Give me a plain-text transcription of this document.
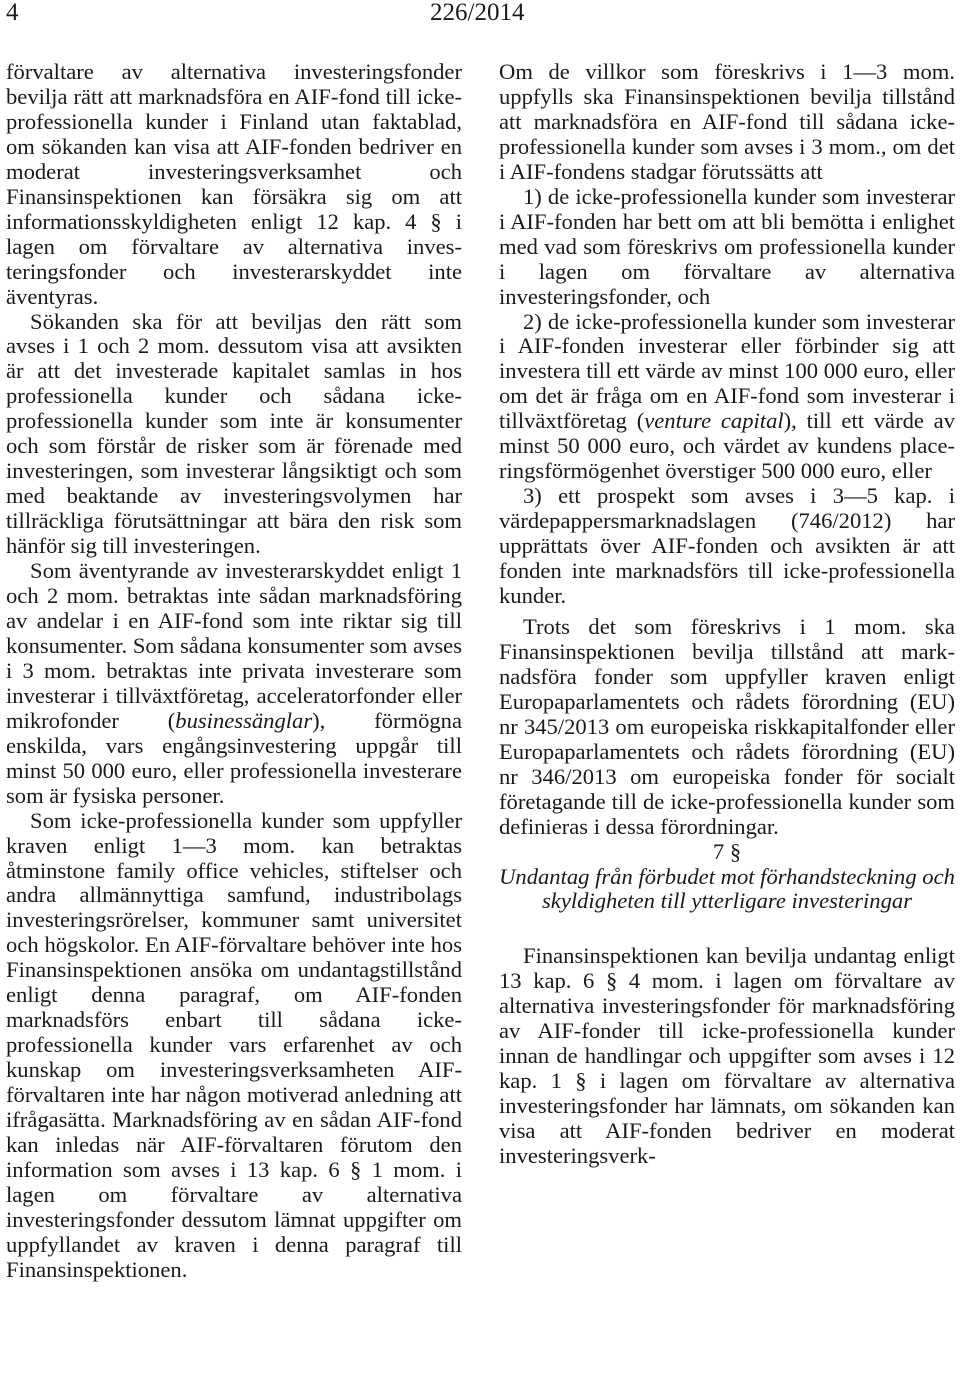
4	226/2014

förvaltare av alternativa investeringsfonder bevilja rätt att marknadsföra en AIF-fond till icke-professionella kunder i Finland utan faktablad, om sökanden kan visa att AIF-fonden bedriver en moderat investeringsverksamhet och Finansinspektionen kan försäkra sig om att informationsskyldigheten enligt 12 kap. 4 § i lagen om förvaltare av alternativa investeringsfonder och investerarskyddet inte äventyras.

Sökanden ska för att beviljas den rätt som avses i 1 och 2 mom. dessutom visa att avsikten är att det investerade kapitalet samlas in hos professionella kunder och sådana icke-professionella kunder som inte är konsumenter och som förstår de risker som är förenade med investeringen, som investerar långsiktigt och som med beaktande av investeringsvolymen har tillräckliga förutsättningar att bära den risk som hänför sig till investeringen.

Som äventyrande av investerarskyddet enligt 1 och 2 mom. betraktas inte sådan marknadsföring av andelar i en AIF-fond som inte riktar sig till konsumenter. Som sådana konsumenter som avses i 3 mom. betraktas inte privata investerare som investerar i tillväxtföretag, acceleratorfonder eller mikrofonder (businessänglar), förmögna enskilda, vars engångsinvestering uppgår till minst 50 000 euro, eller professionella investerare som är fysiska personer.

Som icke-professionella kunder som uppfyller kraven enligt 1—3 mom. kan betraktas åtminstone family office vehicles, stiftelser och andra allmännyttiga samfund, industribolags investeringsrörelser, kommuner samt universitet och högskolor. En AIF-förvaltare behöver inte hos Finansinspektionen ansöka om undantagstillstånd enligt denna paragraf, om AIF-fonden marknadsförs enbart till sådana icke-professionella kunder vars erfarenhet av och kunskap om investeringsverksamheten AIF-förvaltaren inte har någon motiverad anledning att ifrågasätta. Marknadsföring av en sådan AIF-fond kan inledas när AIF-förvaltaren förutom den information som avses i 13 kap. 6 § 1 mom. i lagen om förvaltare av alternativa investeringsfonder dessutom lämnat uppgifter om uppfyllandet av kraven i denna paragraf till Finansinspektionen.

Om de villkor som föreskrivs i 1—3 mom. uppfylls ska Finansinspektionen bevilja tillstånd att marknadsföra en AIF-fond till sådana icke-professionella kunder som avses i 3 mom., om det i AIF-fondens stadgar förutssätts att

1) de icke-professionella kunder som investerar i AIF-fonden har bett om att bli bemötta i enlighet med vad som föreskrivs om professionella kunder i lagen om förvaltare av alternativa investeringsfonder, och

2) de icke-professionella kunder som investerar i AIF-fonden investerar eller förbinder sig att investera till ett värde av minst 100 000 euro, eller om det är fråga om en AIF-fond som investerar i tillväxtföretag (venture capital), till ett värde av minst 50 000 euro, och värdet av kundens placeringsförmögenhet överstiger 500 000 euro, eller

3) ett prospekt som avses i 3—5 kap. i värdepappersmarknadslagen (746/2012) har upprättats över AIF-fonden och avsikten är att fonden inte marknadsförs till icke-professionella kunder.

Trots det som föreskrivs i 1 mom. ska Finansinspektionen bevilja tillstånd att marknadsföra fonder som uppfyller kraven enligt Europaparlamentets och rådets förordning (EU) nr 345/2013 om europeiska riskkapitalfonder eller Europaparlamentets och rådets förordning (EU) nr 346/2013 om europeiska fonder för socialt företagande till de icke-professionella kunder som definieras i dessa förordningar.

7 §

Undantag från förbudet mot förhandsteckning och skyldigheten till ytterligare investeringar

Finansinspektionen kan bevilja undantag enligt 13 kap. 6 § 4 mom. i lagen om förvaltare av alternativa investeringsfonder för marknadsföring av AIF-fonder till icke-professionella kunder innan de handlingar och uppgifter som avses i 12 kap. 1 § i lagen om förvaltare av alternativa investeringsfonder har lämnats, om sökanden kan visa att AIF-fonden bedriver en moderat investeringsverk-
